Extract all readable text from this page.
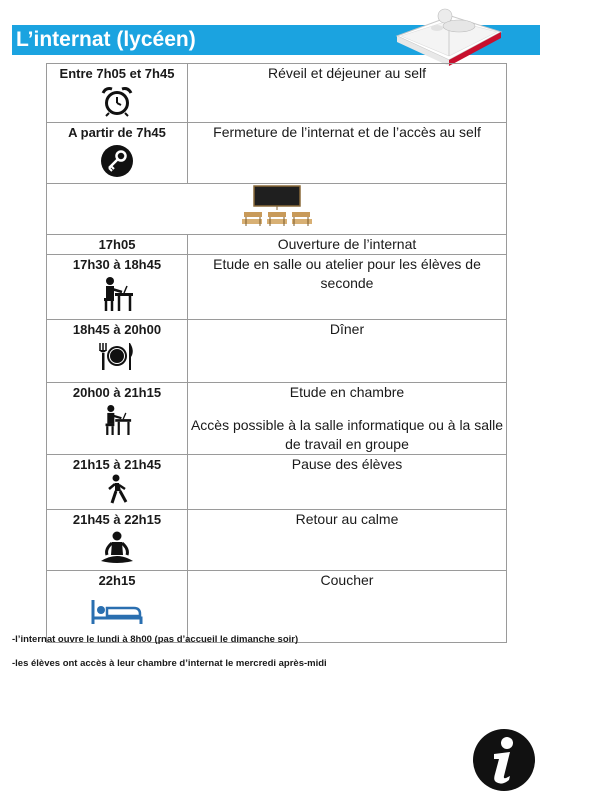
L’internat (lycéen)
Entre 7h05 et 7h45	Réveil et déjeuner au self

A partir de 7h45	Fermeture de l’internat et de l’accès au self

17h05	Ouverture de l’internat

17h30 à 18h45	Etude en salle ou atelier pour les élèves de seconde

18h45 à 20h00	Dîner

20h00 à 21h15	Etude en chambre
Accès possible à la salle informatique ou à la salle de travail en groupe

21h15 à 21h45	Pause des élèves

21h45 à 22h15	Retour au calme

22h15	Coucher
-l’internat ouvre le lundi à 8h00 (pas d’accueil le dimanche soir)
-les élèves ont accès à leur chambre d’internat le mercredi après-midi
